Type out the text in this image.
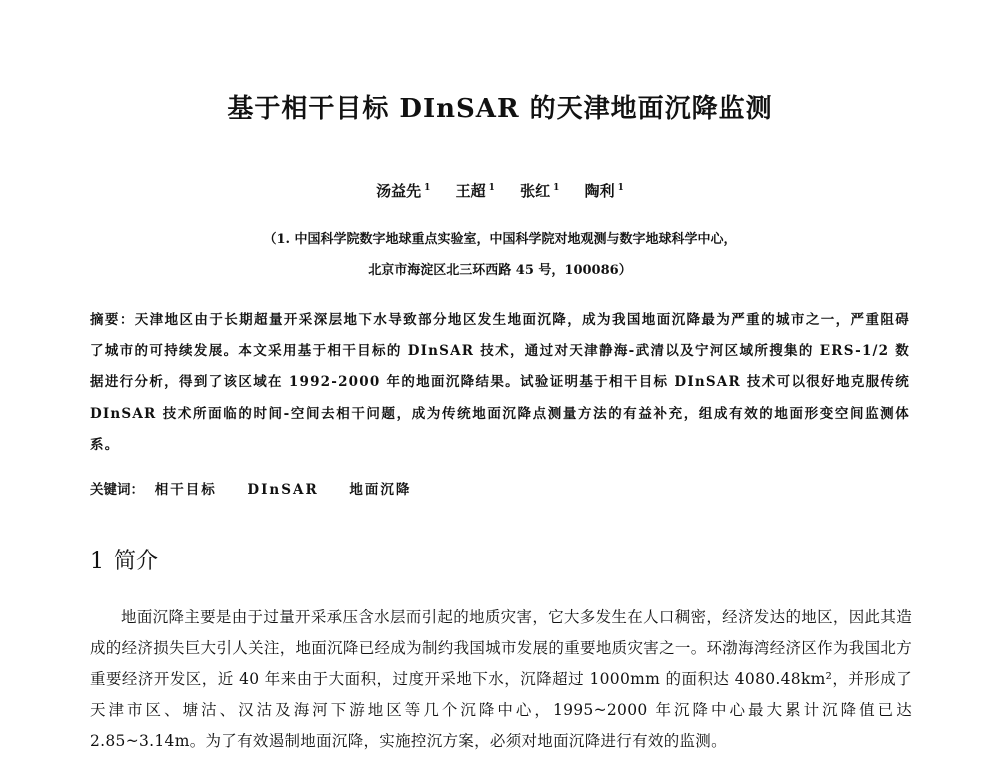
基于相干目标 DInSAR 的天津地面沉降监测
汤益先 $^1$ 王超 $^1$ 张红 $^1$ 陶利 $^1$
（1. 中国科学院数字地球重点实验室，中国科学院对地观测与数字地球科学中心，
北京市海淀区北三环西路 45 号，100086）
摘要：天津地区由于长期超量开采深层地下水导致部分地区发生地面沉降，成为我国地面沉降最为严重的城市之一，严重阻碍了城市的可持续发展。本文采用基于相干目标的 DInSAR 技术，通过对天津静海-武清以及宁河区域所搜集的 ERS-1/2 数据进行分析，得到了该区域在 1992-2000 年的地面沉降结果。试验证明基于相干目标 DInSAR 技术可以很好地克服传统 DInSAR 技术所面临的时间-空间去相干问题，成为传统地面沉降点测量方法的有益补充，组成有效的地面形变空间监测体系。
关键词： 相干目标 DInSAR 地面沉降
1 简介
地面沉降主要是由于过量开采承压含水层而引起的地质灾害，它大多发生在人口稠密，经济发达的地区，因此其造成的经济损失巨大引人关注，地面沉降已经成为制约我国城市发展的重要地质灾害之一。环渤海湾经济区作为我国北方重要经济开发区，近 40 年来由于大面积，过度开采地下水，沉降超过 1000mm 的面积达 4080.48km²，并形成了天津市区、塘沽、汉沽及海河下游地区等几个沉降中心，1995~2000 年沉降中心最大累计沉降值已达 2.85~3.14m。为了有效遏制地面沉降，实施控沉方案，必须对地面沉降进行有效的监测。
